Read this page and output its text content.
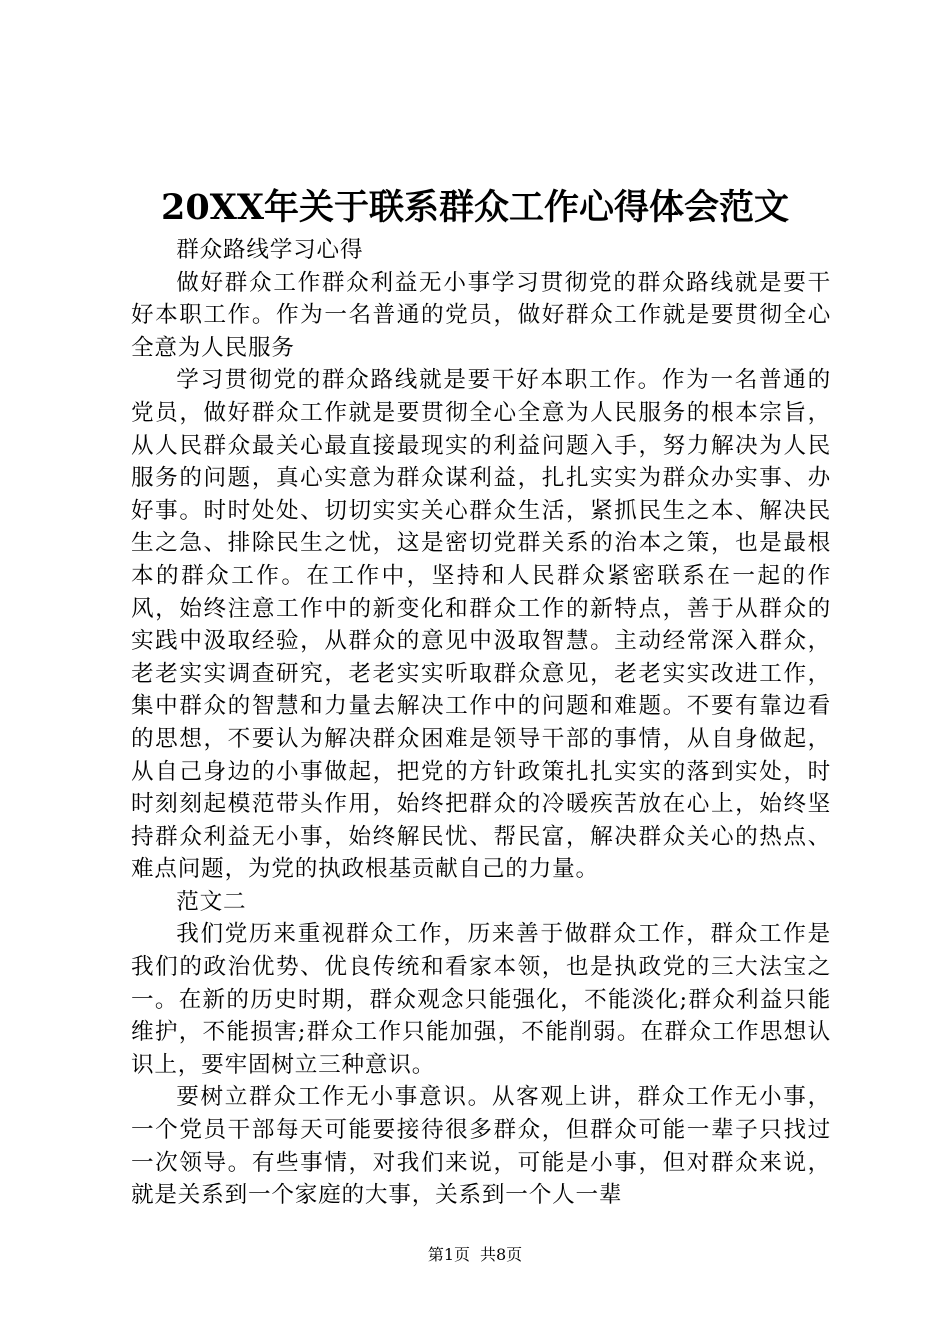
20XX年关于联系群众工作心得体会范文

群众路线学习心得

做好群众工作群众利益无小事学习贯彻党的群众路线就是要干好本职工作。作为一名普通的党员，做好群众工作就是要贯彻全心全意为人民服务

学习贯彻党的群众路线就是要干好本职工作。作为一名普通的党员，做好群众工作就是要贯彻全心全意为人民服务的根本宗旨，从人民群众最关心最直接最现实的利益问题入手，努力解决为人民服务的问题，真心实意为群众谋利益，扎扎实实为群众办实事、办好事。时时处处、切切实实关心群众生活，紧抓民生之本、解决民生之急、排除民生之忧，这是密切党群关系的治本之策，也是最根本的群众工作。在工作中，坚持和人民群众紧密联系在一起的作风，始终注意工作中的新变化和群众工作的新特点，善于从群众的实践中汲取经验，从群众的意见中汲取智慧。主动经常深入群众，老老实实调查研究，老老实实听取群众意见，老老实实改进工作，集中群众的智慧和力量去解决工作中的问题和难题。不要有靠边看的思想，不要认为解决群众困难是领导干部的事情，从自身做起，从自己身边的小事做起，把党的方针政策扎扎实实的落到实处，时时刻刻起模范带头作用，始终把群众的冷暖疾苦放在心上，始终坚持群众利益无小事，始终解民忧、帮民富，解决群众关心的热点、难点问题，为党的执政根基贡献自己的力量。

范文二

我们党历来重视群众工作，历来善于做群众工作，群众工作是我们的政治优势、优良传统和看家本领，也是执政党的三大法宝之一。在新的历史时期，群众观念只能强化，不能淡化;群众利益只能维护，不能损害;群众工作只能加强，不能削弱。在群众工作思想认识上，要牢固树立三种意识。

要树立群众工作无小事意识。从客观上讲，群众工作无小事，一个党员干部每天可能要接待很多群众，但群众可能一辈子只找过一次领导。有些事情，对我们来说，可能是小事，但对群众来说，就是关系到一个家庭的大事，关系到一个人一辈

第1页 共8页
